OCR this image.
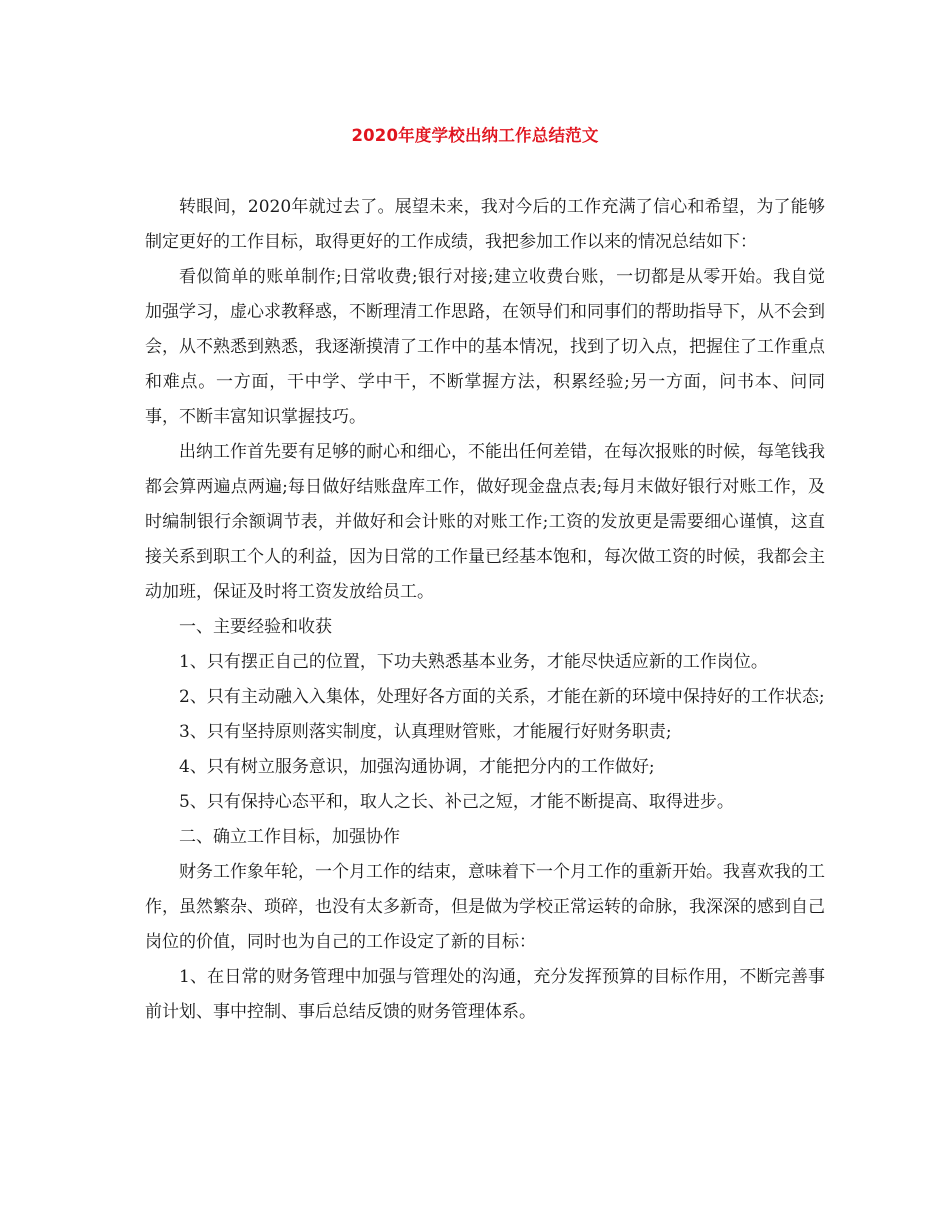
2020年度学校出纳工作总结范文

转眼间，2020年就过去了。展望未来，我对今后的工作充满了信心和希望，为了能够制定更好的工作目标，取得更好的工作成绩，我把参加工作以来的情况总结如下：

看似简单的账单制作;日常收费;银行对接;建立收费台账，一切都是从零开始。我自觉加强学习，虚心求教释惑，不断理清工作思路，在领导们和同事们的帮助指导下，从不会到会，从不熟悉到熟悉，我逐渐摸清了工作中的基本情况，找到了切入点，把握住了工作重点和难点。一方面，干中学、学中干，不断掌握方法，积累经验;另一方面，问书本、问同事，不断丰富知识掌握技巧。

出纳工作首先要有足够的耐心和细心，不能出任何差错，在每次报账的时候，每笔钱我都会算两遍点两遍;每日做好结账盘库工作，做好现金盘点表;每月末做好银行对账工作，及时编制银行余额调节表，并做好和会计账的对账工作;工资的发放更是需要细心谨慎，这直接关系到职工个人的利益，因为日常的工作量已经基本饱和，每次做工资的时候，我都会主动加班，保证及时将工资发放给员工。

一、主要经验和收获

1、只有摆正自己的位置，下功夫熟悉基本业务，才能尽快适应新的工作岗位。

2、只有主动融入入集体，处理好各方面的关系，才能在新的环境中保持好的工作状态;

3、只有坚持原则落实制度，认真理财管账，才能履行好财务职责;

4、只有树立服务意识，加强沟通协调，才能把分内的工作做好;

5、只有保持心态平和，取人之长、补己之短，才能不断提高、取得进步。

二、确立工作目标，加强协作

财务工作象年轮，一个月工作的结束，意味着下一个月工作的重新开始。我喜欢我的工作，虽然繁杂、琐碎，也没有太多新奇，但是做为学校正常运转的命脉，我深深的感到自己岗位的价值，同时也为自己的工作设定了新的目标：

1、在日常的财务管理中加强与管理处的沟通，充分发挥预算的目标作用，不断完善事前计划、事中控制、事后总结反馈的财务管理体系。
